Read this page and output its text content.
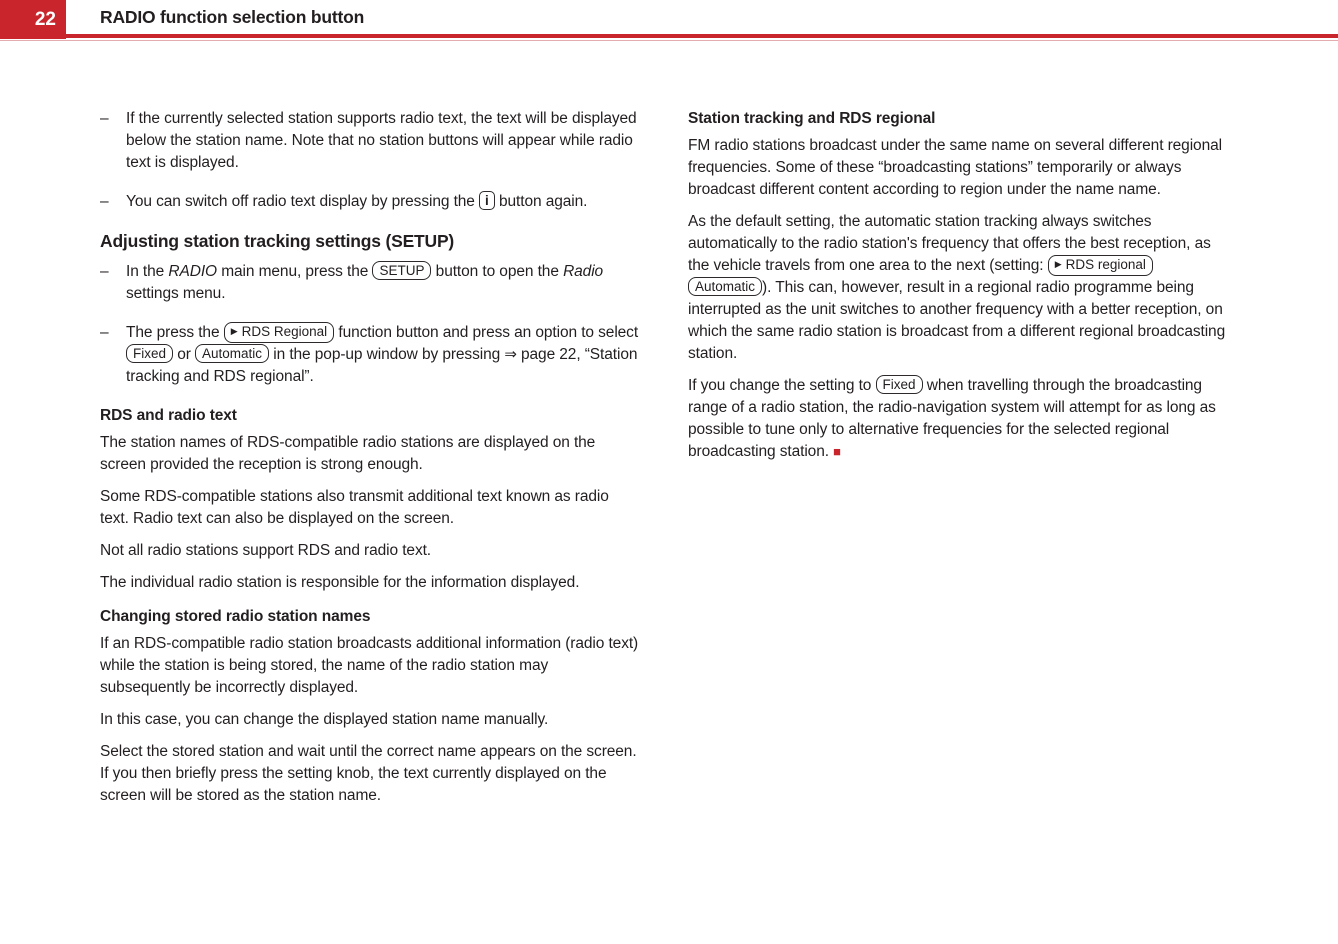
22	RADIO function selection button
–	If the currently selected station supports radio text, the text will be displayed below the station name. Note that no station buttons will appear while radio text is displayed.
–	You can switch off radio text display by pressing the i button again.
Adjusting station tracking settings (SETUP)
–	In the RADIO main menu, press the SETUP button to open the Radio settings menu.
–	The press the ▶ RDS Regional function button and press an option to select Fixed or Automatic in the pop-up window by pressing ⇒ page 22, “Station tracking and RDS regional”.
RDS and radio text
The station names of RDS-compatible radio stations are displayed on the screen provided the reception is strong enough.
Some RDS-compatible stations also transmit additional text known as radio text. Radio text can also be displayed on the screen.
Not all radio stations support RDS and radio text.
The individual radio station is responsible for the information displayed.
Changing stored radio station names
If an RDS-compatible radio station broadcasts additional information (radio text) while the station is being stored, the name of the radio station may subsequently be incorrectly displayed.
In this case, you can change the displayed station name manually.
Select the stored station and wait until the correct name appears on the screen. If you then briefly press the setting knob, the text currently displayed on the screen will be stored as the station name.
Station tracking and RDS regional
FM radio stations broadcast under the same name on several different regional frequencies. Some of these “broadcasting stations” temporarily or always broadcast different content according to region under the name name.
As the default setting, the automatic station tracking always switches automatically to the radio station's frequency that offers the best reception, as the vehicle travels from one area to the next (setting: ▶ RDS regional Automatic ). This can, however, result in a regional radio programme being interrupted as the unit switches to another frequency with a better reception, on which the same radio station is broadcast from a different regional broadcasting station.
If you change the setting to Fixed when travelling through the broadcasting range of a radio station, the radio-navigation system will attempt for as long as possible to tune only to alternative frequencies for the selected regional broadcasting station. ■
